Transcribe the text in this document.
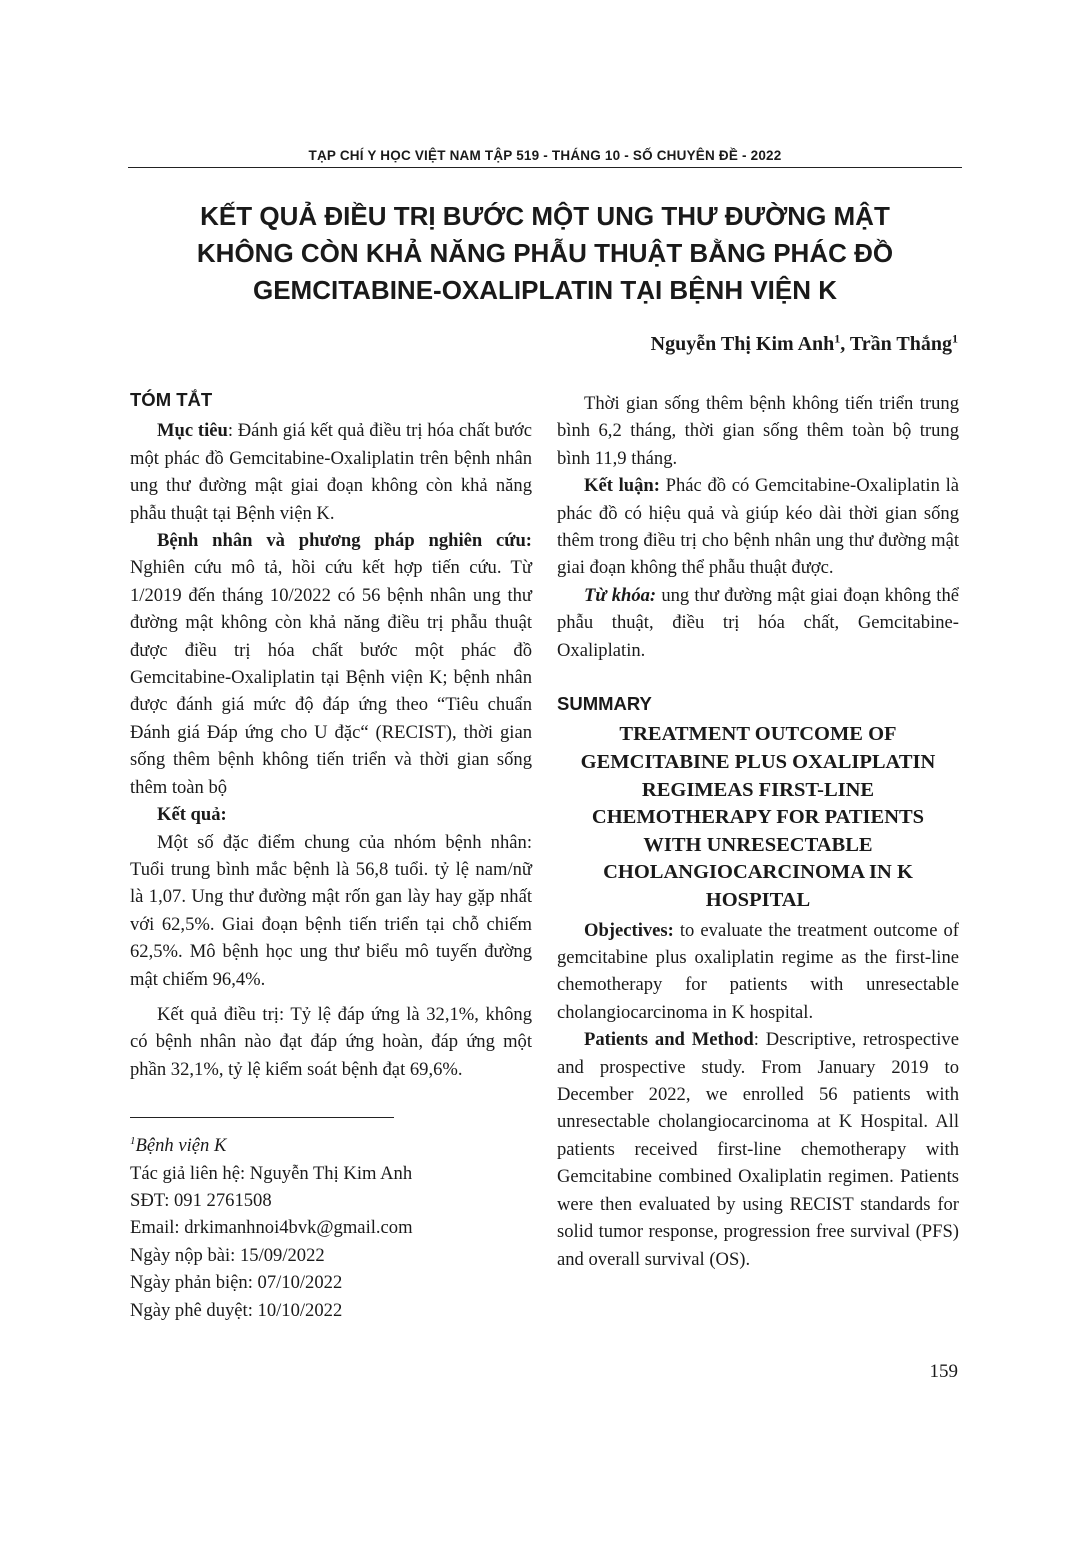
TẠP CHÍ Y HỌC VIỆT NAM TẬP 519 - THÁNG 10 - SỐ CHUYÊN ĐỀ - 2022
KẾT QUẢ ĐIỀU TRỊ BƯỚC MỘT UNG THƯ ĐƯỜNG MẬT
KHÔNG CÒN KHẢ NĂNG PHẪU THUẬT BẰNG PHÁC ĐỒ
GEMCITABINE-OXALIPLATIN TẠI BỆNH VIỆN K
Nguyễn Thị Kim Anh$^1$, Trần Thắng$^1$
TÓM TẮT

Mục tiêu: Đánh giá kết quả điều trị hóa chất bước một phác đồ Gemcitabine-Oxaliplatin trên bệnh nhân ung thư đường mật giai đoạn không còn khả năng phẫu thuật tại Bệnh viện K.

Bệnh nhân và phương pháp nghiên cứu: Nghiên cứu mô tả, hồi cứu kết hợp tiến cứu. Từ 1/2019 đến tháng 10/2022 có 56 bệnh nhân ung thư đường mật không còn khả năng điều trị phẫu thuật được điều trị hóa chất bước một phác đồ Gemcitabine-Oxaliplatin tại Bệnh viện K; bệnh nhân được đánh giá mức độ đáp ứng theo “Tiêu chuẩn Đánh giá Đáp ứng cho U đặc“ (RECIST), thời gian sống thêm bệnh không tiến triển và thời gian sống thêm toàn bộ

Kết quả:

Một số đặc điểm chung của nhóm bệnh nhân: Tuổi trung bình mắc bệnh là 56,8 tuổi. tỷ lệ nam/nữ là 1,07. Ung thư đường mật rốn gan lày hay gặp nhất với 62,5%. Giai đoạn bệnh tiến triển tại chỗ chiếm 62,5%. Mô bệnh học ung thư biểu mô tuyến đường mật chiếm 96,4%.

Kết quả điều trị: Tỷ lệ đáp ứng là 32,1%, không có bệnh nhân nào đạt đáp ứng hoàn, đáp ứng một phần 32,1%, tỷ lệ kiểm soát bệnh đạt 69,6%.

$^1$Bệnh viện K

Tác giả liên hệ: Nguyễn Thị Kim Anh

SĐT: 091 2761508

Email: drkimanhnoi4bvk@gmail.com

Ngày nộp bài: 15/09/2022

Ngày phản biện: 07/10/2022

Ngày phê duyệt: 10/10/2022

Thời gian sống thêm bệnh không tiến triển trung bình 6,2 tháng, thời gian sống thêm toàn bộ trung bình 11,9 tháng.

Kết luận: Phác đồ có Gemcitabine-Oxaliplatin là phác đồ có hiệu quả và giúp kéo dài thời gian sống thêm trong điều trị cho bệnh nhân ung thư đường mật giai đoạn không thể phẫu thuật được.

Từ khóa: ung thư đường mật giai đoạn không thể phẫu thuật, điều trị hóa chất, Gemcitabine-Oxaliplatin.

SUMMARY
TREATMENT OUTCOME OF
GEMCITABINE PLUS OXALIPLATIN
REGIMEAS FIRST-LINE
CHEMOTHERAPY FOR PATIENTS
WITH UNRESECTABLE
CHOLANGIOCARCINOMA IN K
HOSPITAL

Objectives: to evaluate the treatment outcome of gemcitabine plus oxaliplatin regime as the first-line chemotherapy for patients with unresectable cholangiocarcinoma in K hospital.

Patients and Method: Descriptive, retrospective and prospective study. From January 2019 to December 2022, we enrolled 56 patients with unresectable cholangiocarcinoma at K Hospital. All patients received first-line chemotherapy with Gemcitabine combined Oxaliplatin regimen. Patients were then evaluated by using RECIST standards for solid tumor response, progression free survival (PFS) and overall survival (OS).

159
